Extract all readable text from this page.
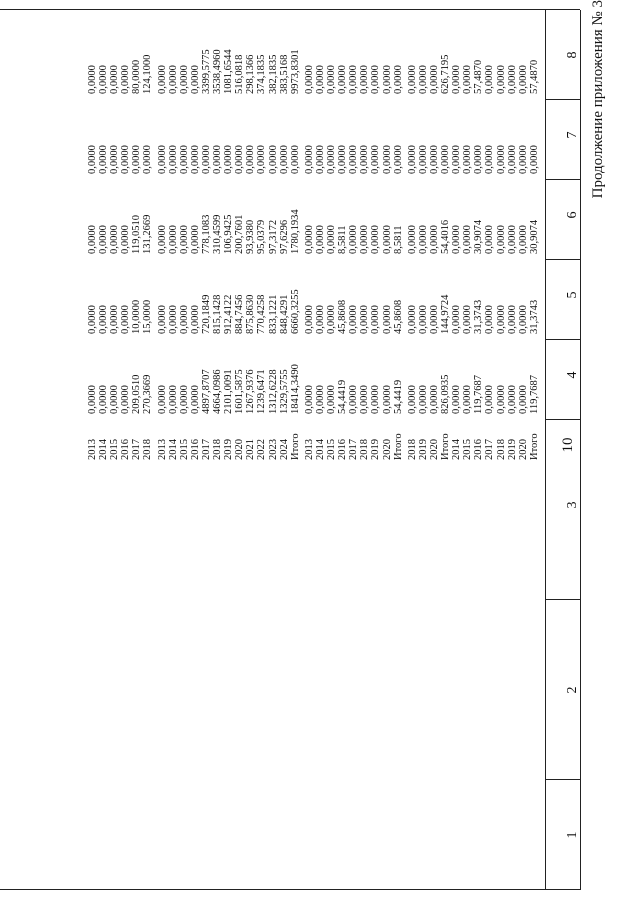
10
Продолжение приложения № 3
1
2
3
4
5
6
7
8
2018 2019 2020 Итого 2014 2015 2016 2017 2018 2019 2020 Итого
0,0000 0,0000 0,0000 826,0935 0,0000 0,0000 119,7687 0,0000 0,0000 0,0000 0,0000 119,7687
0,0000 0,0000 0,0000 144,9724 0,0000 0,0000 31,3743 0,0000 0,0000 0,0000 0,0000 31,3743
0,0000 0,0000 0,0000 54,4016 0,0000 0,0000 30,9074 0,0000 0,0000 0,0000 0,0000 30,9074
0,0000 0,0000 0,0000 0,0000 0,0000 0,0000 0,0000 0,0000 0,0000 0,0000 0,0000 0,0000
0,0000 0,0000 0,0000 626,7195 0,0000 0,0000 57,4870 0,0000 0,0000 0,0000 0,0000 57,4870
2013 2014 2015 2016 2017 2018 2019 2020 Итого
0,0000 0,0000 0,0000 54,4419 0,0000 0,0000 0,0000 0,0000 54,4419
0,0000 0,0000 0,0000 45,8608 0,0000 0,0000 0,0000 0,0000 45,8608
0,0000 0,0000 0,0000 8,5811 0,0000 0,0000 0,0000 0,0000 8,5811
0,0000 0,0000 0,0000 0,0000 0,0000 0,0000 0,0000 0,0000 0,0000
0,0000 0,0000 0,0000 0,0000 0,0000 0,0000 0,0000 0,0000 0,0000
2013 2014 2015 2016 2017 2018 2019 2020 2021 2022 2023 2024 Итого
0,0000 0,0000 0,0000 0,0000 4897,8707 4664,0986 2101,0091 1601,5875 1267,9376 1239,6471 1312,6228 1329,5755 18414,3490
0,0000 0,0000 0,0000 0,0000 720,1849 815,1428 912,4122 884,7456 875,8630 770,4258 833,1221 848,4291 6660,3255
0,0000 0,0000 0,0000 0,0000 778,1083 310,4599 106,9425 200,7601 93,9380 95,0379 97,3172 97,6296 1780,1934
0,0000 0,0000 0,0000 0,0000 0,0000 0,0000 0,0000 0,0000 0,0000 0,0000 0,0000 0,0000 0,0000
0,0000 0,0000 0,0000 0,0000 3399,5775 3538,4960 1081,6544 516,0818 298,1366 374,1835 382,1835 383,5168 9973,8301
2013 2014 2015 2016 2017 2018
0,0000 0,0000 0,0000 0,0000 209,0510 270,3669
0,0000 0,0000 0,0000 0,0000 10,0000 15,0000
0,0000 0,0000 0,0000 0,0000 119,0510 131,2669
0,0000 0,0000 0,0000 0,0000 0,0000 0,0000
0,0000 0,0000 0,0000 0,0000 80,0000 124,1000
